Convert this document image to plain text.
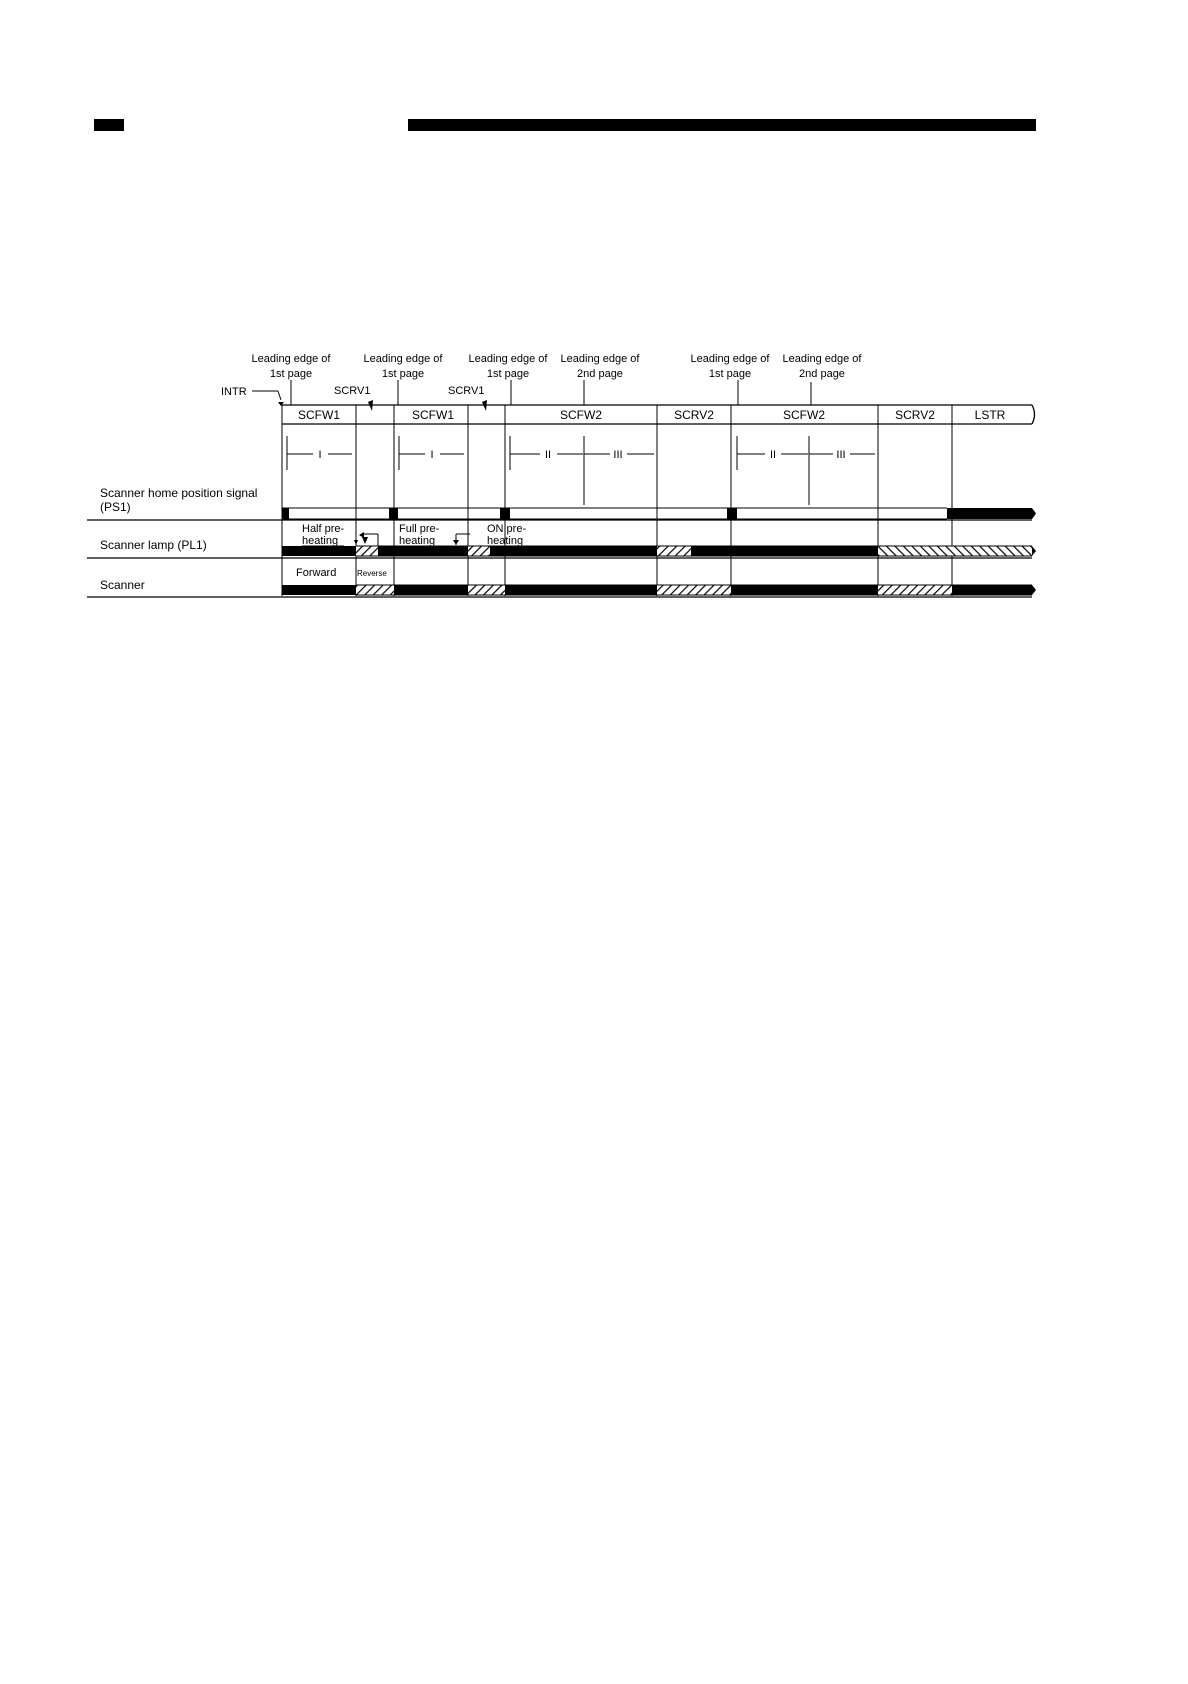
Leading edge of
1st page
Leading edge of
1st page
Leading edge of
1st page
Leading edge of
2nd page
Leading edge of
1st page
Leading edge of
2nd page
INTR	SCRV1	SCRV1
SCFW1	SCFW1	SCFW2	SCRV2	SCFW2	SCRV2	LSTR
I	I	II	III	II	III
Scanner home position signal
(PS1)
Scanner lamp (PL1)
Scanner
Half pre-
heating
Full pre-
heating
ON pre-
heating
Forward	Reverse
